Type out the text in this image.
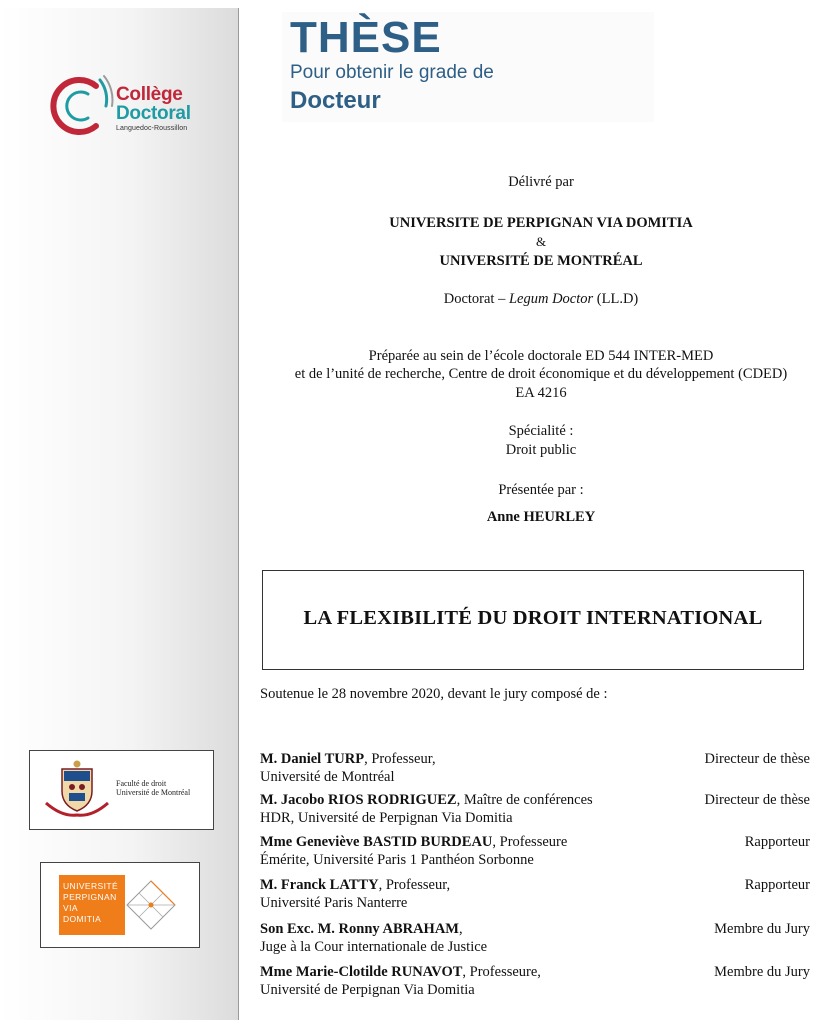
Collège
Doctoral
Languedoc-Roussillon
Faculté de droit
Université de Montréal
UNIVERSITÉ
PERPIGNAN
VIA
DOMITIA
THÈSE
Pour obtenir le grade de
Docteur
Délivré par
UNIVERSITE DE PERPIGNAN VIA DOMITIA
&
UNIVERSITÉ DE MONTRÉAL
Doctorat – Legum Doctor (LL.D)
Préparée au sein de l’école doctorale ED 544 INTER-MED
et de l’unité de recherche, Centre de droit économique et du développement (CDED)
EA 4216
Spécialité :
Droit public
Présentée par :
Anne HEURLEY
LA FLEXIBILITÉ DU DROIT INTERNATIONAL
Soutenue le 28 novembre 2020, devant le jury composé de :
M. Daniel TURP, Professeur,
Université de Montréal
Directeur de thèse
M. Jacobo RIOS RODRIGUEZ, Maître de conférences
HDR, Université de Perpignan Via Domitia
Directeur de thèse
Mme Geneviève BASTID BURDEAU, Professeure
Émérite, Université Paris 1 Panthéon Sorbonne
Rapporteur
M. Franck LATTY, Professeur,
Université Paris Nanterre
Rapporteur
Son Exc. M. Ronny ABRAHAM,
Juge à la Cour internationale de Justice
Membre du Jury
Mme Marie-Clotilde RUNAVOT, Professeure,
Université de Perpignan Via Domitia
Membre du Jury
